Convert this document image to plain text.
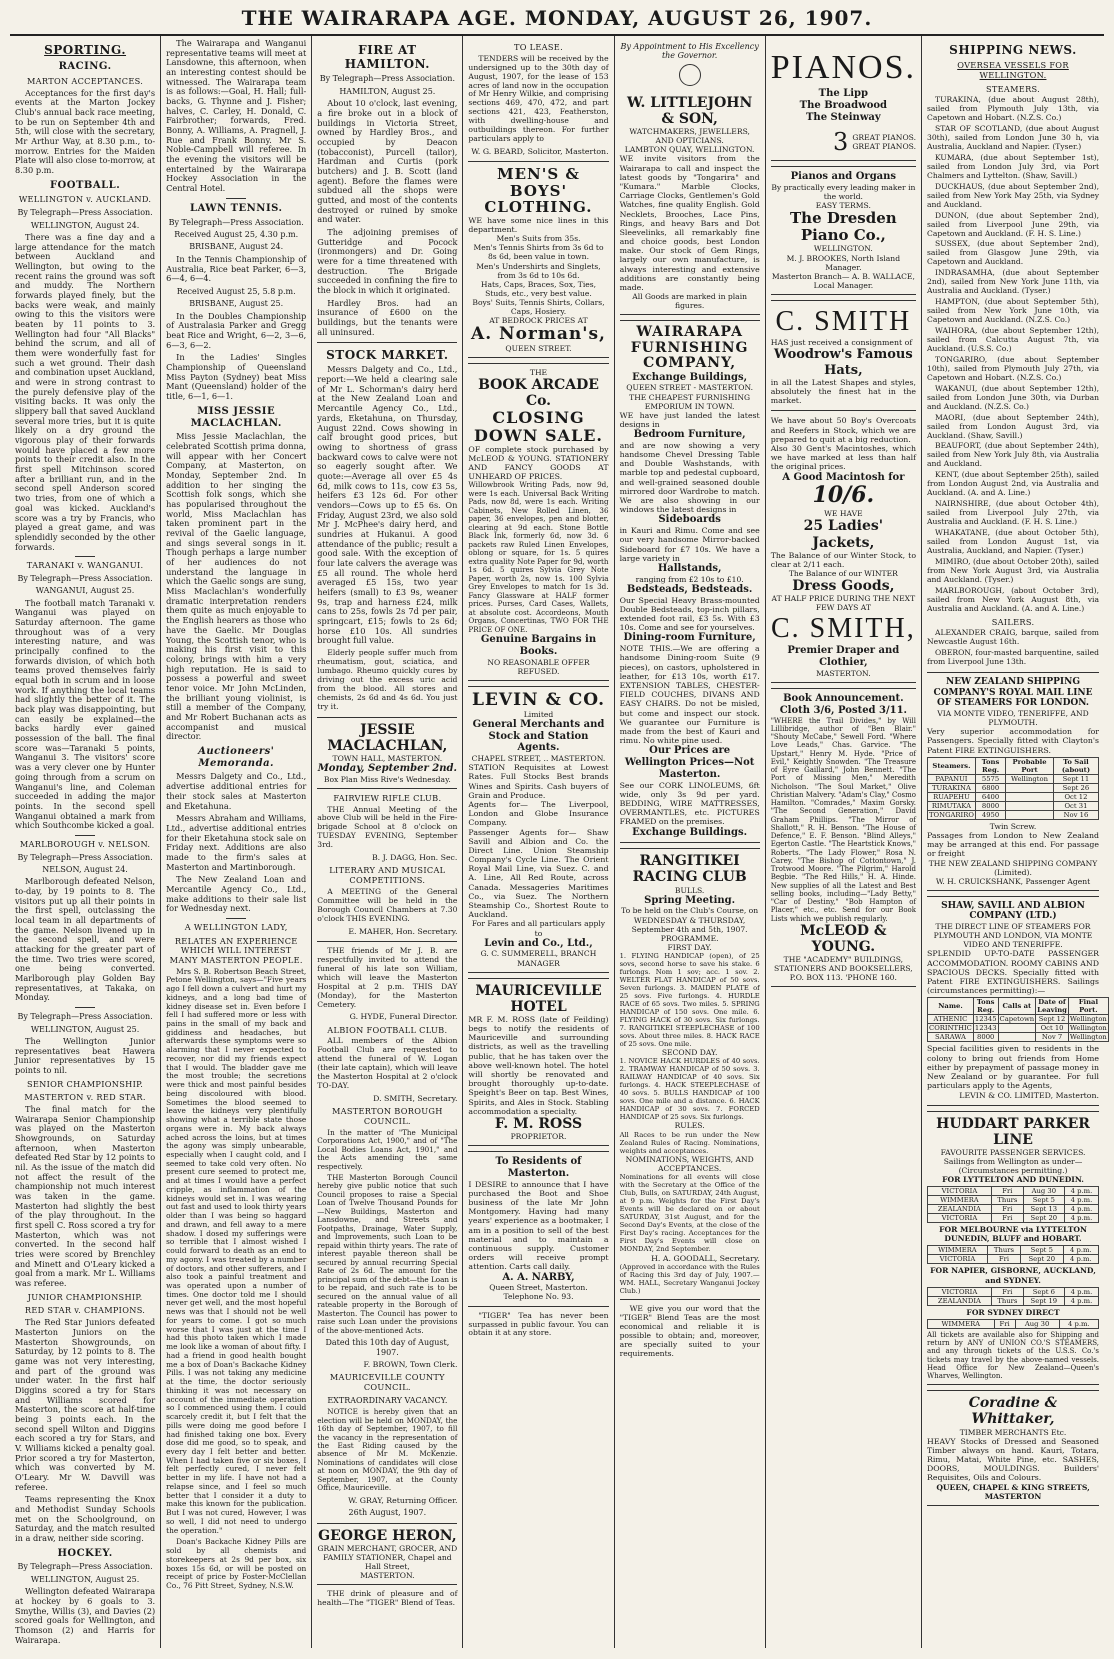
THE WAIRARAPA AGE. MONDAY, AUGUST 26, 1907.
SPORTING.
RACING.
MARTON ACCEPTANCES.

Acceptances for the first day's events at the Marton Jockey Club's annual back race meeting, to be run on September 4th and 5th, will close with the secretary, Mr Arthur Way, at 8.30 p.m., to-morrow. Entries for the Maiden Plate will also close to-morrow, at 8.30 p.m.

FOOTBALL.
WELLINGTON v. AUCKLAND.
By Telegraph—Press Association.
WELLINGTON, August 24.

There was a fine day and a large attendance for the match between Auckland and Wellington, but owing to the recent rains the ground was soft and muddy. The Northern forwards played finely, but the backs were weak, and mainly owing to this the visitors were beaten by 11 points to 3. Wellington had four "All Blacks" behind the scrum, and all of them were wonderfully fast for such a wet ground. Their dash and combination upset Auckland, and were in strong contrast to the purely defensive play of the visiting backs. It was only the slippery ball that saved Auckland several more tries, but it is quite likely on a dry ground the vigorous play of their forwards would have placed a few more points to their credit also. In the first spell Mitchinson scored after a brilliant run, and in the second spell Anderson scored two tries, from one of which a goal was kicked. Auckland's score was a try by Francis, who played a great game, and was splendidly seconded by the other forwards.

TARANAKI v. WANGANUI.
By Telegraph—Press Association.
WANGANUI, August 25.

The football match Taranaki v. Wanganui was played on Saturday afternoon. The game throughout was of a very interesting nature, and was principally confined to the forwards division, of which both teams proved themselves fairly equal both in scrum and in loose work. If anything the local teams had slightly the better of it. The back play was disappointing, but can easily be explained—the backs hardly ever gained possession of the ball. The final score was—Taranaki 5 points, Wanganui 3. The visitors' score was a very clever one by Hunter going through from a scrum on Wanganui's line, and Coleman succeeded in adding the major points. In the second spell Wanganui obtained a mark from which Southcombe kicked a goal.

MARLBOROUGH v. NELSON.
By Telegraph—Press Association.
NELSON, August 24.

Marlborough defeated Nelson, to-day, by 19 points to 8. The visitors put up all their points in the first spell, outclassing the local team in all departments of the game. Nelson livened up in the second spell, and were attacking for the greater part of the time. Two tries were scored, one being converted. Marlborough play Golden Bay representatives, at Takaka, on Monday.

By Telegraph—Press Association.
WELLINGTON, August 25.

The Wellington Junior representatives beat Hawera Junior representatives by 15 points to nil.

SENIOR CHAMPIONSHIP.
MASTERTON v. RED STAR.

The final match for the Wairarapa Senior Championship was played on the Masterton Showgrounds, on Saturday afternoon, when Masterton defeated Red Star by 12 points to nil. As the issue of the match did not affect the result of the championship not much interest was taken in the game. Masterton had slightly the best of the play throughout. In the first spell C. Ross scored a try for Masterton, which was not converted. In the second half tries were scored by Brenchley and Minett and O'Leary kicked a goal from a mark. Mr L. Williams was referee.

JUNIOR CHAMPIONSHIP.
RED STAR v. CHAMPIONS.

The Red Star Juniors defeated Masterton Juniors on the Masterton Showgrounds, on Saturday, by 12 points to 8. The game was not very interesting, and part of the ground was under water. In the first half Diggins scored a try for Stars and Williams scored for Masterton, the score at half-time being 3 points each. In the second spell Wilton and Diggins each scored a try for Stars, and V. Williams kicked a penalty goal. Prior scored a try for Masterton, which was converted by M. O'Leary. Mr W. Davvill was referee.

Teams representing the Knox and Methodist Sunday Schools met on the Schoolground, on Saturday, and the match resulted in a draw, neither side scoring.

HOCKEY.
By Telegraph—Press Association.
WELLINGTON, August 25.

Wellington defeated Wairarapa at hockey by 6 goals to 3. Smythe, Willis (3), and Davies (2) scored goals for Wellington, and Thomson (2) and Harris for Wairarapa.

The Wairarapa and Wanganui representative teams will meet at Lansdowne, this afternoon, when an interesting contest should be witnessed. The Wairarapa team is as follows:—Goal, H. Hall; full-backs, G. Thynne and J. Fisher; halves, C. Carley, H. Donald, C. Fairbrother; forwards, Fred. Bonny, A. Williams, A. Pragnell, J. Rue and Frank Bonny. Mr S. Noble-Campbell will referee. In the evening the visitors will be entertained by the Wairarapa Hockey Association in the Central Hotel.

LAWN TENNIS.
By Telegraph—Press Association.
Received August 25, 4.30 p.m.
BRISBANE, August 24.

In the Tennis Championship of Australia, Rice beat Parker, 6—3, 6—4, 6—4.

Received August 25, 5.8 p.m.
BRISBANE, August 25.

In the Doubles Championship of Australasia Parker and Gregg beat Rice and Wright, 6—2, 3—6, 6—3, 6—2.

In the Ladies' Singles Championship of Queensland Miss Payton (Sydney) beat Miss Mant (Queensland) holder of the title, 6—1, 6—1.

MISS JESSIE MACLACHLAN.

Miss Jessie Maclachlan, the celebrated Scottish prima donna, will appear with her Concert Company, at Masterton, on Monday, September 2nd. In addition to her singing the Scottish folk songs, which she has popularised throughout the world, Miss Maclachlan has taken prominent part in the revival of the Gaelic language, and sings several songs in it. Though perhaps a large number of her audiences do not understand the language in which the Gaelic songs are sung, Miss Maclachlan's wonderfully dramatic interpretation renders them quite as much enjoyable to the English hearers as those who have the Gaelic. Mr Douglas Young, the Scottish tenor, who is making his first visit to this colony, brings with him a very high reputation. He is said to possess a powerful and sweet tenor voice. Mr John McLinden, the brilliant young violinist, is still a member of the Company, and Mr Robert Buchanan acts as accompanist and musical director.

Auctioneers' Memoranda.

Messrs Dalgety and Co., Ltd., advertise additional entries for their stock sales at Masterton and Eketahuna.

Messrs Abraham and Williams, Ltd., advertise additional entries for their Eketahuna stock sale on Friday next. Additions are also made to the firm's sales at Masterton and Martinborough.

The New Zealand Loan and Mercantile Agency Co., Ltd., make additions to their sale list for Wednesday next.

A WELLINGTON LADY,
RELATES AN EXPERIENCE WHICH WILL INTEREST MANY MASTERTON PEOPLE.

Mrs S. B. Robertson Beach Street, Petone Wellington, says—"Five years ago I fell down a culvert and hurt my kidneys, and a long bad time of kidney disease set in. Even before I fell I had suffered more or less with pains in the small of my back and giddiness and headaches, but afterwards these symptoms were so alarming that I never expected to recover, nor did my friends expect that I would. The bladder gave me the most trouble; the secretions were thick and most painful besides being discoloured with blood. Sometimes the blood seemed to leave the kidneys very plentifully showing what a terrible state those organs were in. My back always ached across the loins, but at times the agony was simply unbearable, especially when I caught cold, and I seemed to take cold very often. No present cure seemed to protect me, and at times I would have a perfect cripple, as inflammation of the kidneys would set in. I was wearing out fast and used to look thirty years older than I was being so haggard and drawn, and fell away to a mere shadow. I dosed my sufferings were so terrible that I almost wished I could forward to death as an end to my agony. I was treated by a number of doctors, and other sufferers, and I also took a painful treatment and was operated upon a number of times. One doctor told me I should never get well, and the most hopeful news was that I should not be well for years to come. I got so much worse that I was just at the time I had this photo taken which I made me look like a woman of about fifty. I had a friend in good health bought me a box of Doan's Backache Kidney Pills. I was not taking any medicine at the time, the doctor seriously thinking it was not necessary on account of the immediate operation so I commenced using them. I could scarcely credit it, but I felt that the pills were doing me good before I had finished taking one box. Every dose did me good, so to speak, and every day I felt better and better. When I had taken five or six boxes, I felt perfectly cured, I never felt better in my life. I have not had a relapse since, and I feel so much better that I consider it a duty to make this known for the publication. But I was not cured, However, I was so well, I did not need to undergo the operation."

Doan's Backache Kidney Pills are sold by all chemists and storekeepers at 2s 9d per box, six boxes 15s 6d, or will be posted on receipt of price by Foster-McClellan Co., 76 Pitt Street, Sydney, N.S.W.

FIRE AT HAMILTON.
By Telegraph—Press Association.
HAMILTON, August 25.

About 10 o'clock, last evening, a fire broke out in a block of buildings in Victoria Street, owned by Hardley Bros., and occupied by Deacon (tobacconist), Purcell (tailor), Hardman and Curtis (pork butchers) and J. B. Scott (land agent). Before the flames were subdued all the shops were gutted, and most of the contents destroyed or ruined by smoke and water.

The adjoining premises of Gutteridge and Pocock (ironmongers) and Dr. Going were for a time threatened with destruction. The Brigade succeeded in confining the fire to the block in which it originated.

Hardley Bros. had an insurance of £600 on the buildings, but the tenants were all uninsured.

STOCK MARKET.

Messrs Dalgety and Co., Ltd., report:—We held a clearing sale of Mr L. Schorman's dairy herd at the New Zealand Loan and Mercantile Agency Co., Ltd., yards, Eketahuna, on Thursday, August 22nd. Cows showing in calf brought good prices, but owing to shortness of grass backward cows to calve were not so eagerly sought after. We quote:—Average all over £5 4s 6d, milk cows to 11s, cow £3 5s, heifers £3 12s 6d. For other vendors—Cows up to £5 6s. On Friday, August 23rd, we also sold Mr J. McPhee's dairy herd, and sundries at Hukanui. A good attendance of the public; result a good sale. With the exception of four late calvers the average was £5 all round. The whole herd averaged £5 15s, two year heifers (small) to £3 9s, weaner 9s, trap and harness £24, milk cans to 25s, fowls 2s 7d per pair, springcart, £15; fowls to 2s 6d; horse £10 10s. All sundries brought full value.

Elderly people suffer much from rheumatism, gout, sciatica, and lumbago. Rheumo quickly cures by driving out the excess uric acid from the blood. All stores and chemists, 2s 6d and 4s 6d. You just try it.

JESSIE MACLACHLAN,
TOWN HALL, MASTERTON.
Monday, September 2nd.
Box Plan Miss Rive's Wednesday.
FAIRVIEW RIFLE CLUB.

THE Annual Meeting of the above Club will be held in the Fire-brigade School at 8 o'clock on TUESDAY EVENING, September 3rd.

B. J. DAGG, Hon. Sec.
LITERARY AND MUSICAL COMPETITIONS.

A MEETING of the General Committee will be held in the Borough Council Chambers at 7.30 o'clock THIS EVENING.

E. MAHER, Hon. Secretary.

THE friends of Mr J. B. are respectfully invited to attend the funeral of his late son William, which will leave the Masterton Hospital at 2 p.m. THIS DAY (Monday), for the Masterton Cemetery.

G. HYDE, Funeral Director.
ALBION FOOTBALL CLUB.

ALL members of the Albion Football Club are requested to attend the funeral of W. Logan (their late captain), which will leave the Masterton Hospital at 2 o'clock TO-DAY.

D. SMITH, Secretary.
MASTERTON BOROUGH COUNCIL.

In the matter of "The Municipal Corporations Act, 1900," and of "The Local Bodies Loans Act, 1901," and the Acts amending the same respectively.

THE Masterton Borough Council hereby give public notice that such Council proposes to raise a Special Loan of Twelve Thousand Pounds for—New Buildings, Masterton and Lansdowne, and Streets and Footpaths, Drainage, Water Supply, and Improvements, such Loan to be repaid within thirty years. The rate of interest payable thereon shall be secured by annual recurring Special Rate of 2s 6d. The amount for the principal sum of the debt—the Loan is to be repaid, and such rate is to be secured on the annual value of all rateable property in the Borough of Masterton. The Council has power to raise such Loan under the provisions of the above-mentioned Acts.

Dated this 10th day of August, 1907.
F. BROWN, Town Clerk.
MAURICEVILLE COUNTY COUNCIL.
EXTRAORDINARY VACANCY.

NOTICE is hereby given that an election will be held on MONDAY, the 16th day of September, 1907, to fill the vacancy in the representation of the East Riding caused by the absence of Mr M. McKenzie. Nominations of candidates will close at noon on MONDAY, the 9th day of September, 1907, at the County Office, Mauriceville.

W. GRAY, Returning Officer.
26th August, 1907.
GEORGE HERON,
GRAIN MERCHANT, GROCER, AND FAMILY STATIONER, Chapel and Hall Street,
MASTERTON.

THE drink of pleasure and of health—The "TIGER" Blend of Teas.

TO LEASE.

TENDERS will be received by the undersigned up to the 30th day of August, 1907, for the lease of 153 acres of land now in the occupation of Mr Henry Wilkie, and comprising sections 469, 470, 472, and part sections 421, 423, Featherston, with dwelling-house and outbuildings thereon. For further particulars apply to

W. G. BEARD, Solicitor, Masterton.
MEN'S & BOYS' CLOTHING.

WE have some nice lines in this department.

Men's Suits from 35s.
Men's Tennis Shirts from 3s 6d to 8s 6d, been value in town.
Men's Undershirts and Singlets, from 3s 6d to 10s 6d.
Hats, Caps, Braces, Sox, Ties, Studs, etc., very best value.
Boys' Suits, Tennis Shirts, Collars, Caps, Hosiery.
AT BEDROCK PRICES AT
A. Norman's,
QUEEN STREET.
THE
BOOK ARCADE Co.
CLOSING DOWN SALE.

OF complete stock purchased by McLEOD & YOUNG. STATIONERY AND FANCY GOODS AT UNHEARD OF PRICES.

Willowbrook Writing Pads, now 9d, were 1s each. Universal Back Writing Pads, now 8d, were 1s each. Writing Cabinets, New Rolled Linen, 36 paper, 36 envelopes, pen and blotter, clearing at 9d each. Stone Bottle Black Ink, formerly 6d, now 3d. 6 packets raw Ruled Linen Envelopes, oblong or square, for 1s. 5 quires extra quality Note Paper for 9d, worth 1s 6d. 5 quires Sylvia Grey Note Paper, worth 2s, now 1s. 100 Sylvia Grey Envelopes to match for 1s 3d. Fancy Glassware at HALF former prices. Purses, Card Cases, Wallets, at absolute cost. Accordeons, Mouth Organs, Concertinas, TWO FOR THE PRICE OF ONE.

Genuine Bargains in Books.
NO REASONABLE OFFER REFUSED.
LEVIN & CO.
Limited
General Merchants and Stock and Station Agents.
CHAPEL STREET, .. MASTERTON.

STATION Requisites at Lowest Rates. Full Stocks Best brands Wines and Spirits. Cash buyers of Grain and Produce.

Agents for— The Liverpool, London and Globe Insurance Company.

Passenger Agents for— Shaw Savill and Albion and Co. the Direct Line. Union Steamship Company's Cycle Line. The Orient Royal Mail Line, via Suez. C. and A. Line, All Red Route, across Canada. Messageries Maritimes Co., via Suez. The Northern Steamship Co., Shortest Route to Auckland.

For Fares and all particulars apply to
Levin and Co., Ltd.,
G. C. SUMMERELL, BRANCH MANAGER
MAURICEVILLE HOTEL

MR F. M. ROSS (late of Feilding) begs to notify the residents of Mauriceville and surrounding districts, as well as the travelling public, that he has taken over the above well-known hotel. The hotel will shortly be renovated and brought thoroughly up-to-date. Speight's Beer on tap. Best Wines, Spirits, and Ales in Stock. Stabling accommodation a specialty.

F. M. ROSS
PROPRIETOR.
To Residents of Masterton.

I DESIRE to announce that I have purchased the Boot and Shoe business of the late Mr John Montgomery. Having had many years' experience as a bootmaker, I am in a position to sell of the best material and to maintain a continuous supply. Customer orders will receive prompt attention. Carts call daily.

A. A. NARBY,
Queen Street, Masterton. Telephone No. 93.

"TIGER" Tea has never been surpassed in public favour. You can obtain it at any store.

By Appointment to His Excellency the Governor.
W. LITTLEJOHN & SON,
WATCHMAKERS, JEWELLERS, AND OPTICIANS.
LAMBTON QUAY, WELLINGTON.

WE invite visitors from the Wairarapa to call and inspect the latest goods by "Tongarira" and "Kumara." Marble Clocks, Carriage Clocks, Gentlemen's Gold Watches, fine quality English. Gold Necklets, Brooches, Lace Pins, Rings, and heavy Bars and Dot Sleevelinks, all remarkably fine and choice goods, best London make. Our stock of Gem Rings, largely our own manufacture, is always interesting and extensive additions are constantly being made.

All Goods are marked in plain figures.
WAIRARAPA FURNISHING COMPANY,
Exchange Buildings,
QUEEN STREET - MASTERTON.
THE CHEAPEST FURNISHING EMPORIUM IN TOWN.

WE have just landed the latest designs in

Bedroom Furniture,

and are now showing a very handsome Chevel Dressing Table and Double Washstands, with marble top and pedestal cupboard, and well-grained seasoned double mirrored door Wardrobe to match. We are also showing in our windows the latest designs in

Sideboards

in Kauri and Rimu. Come and see our very handsome Mirror-backed Sideboard for £7 10s. We have a large variety in

Hallstands,
ranging from £2 10s to £10.
Bedsteads, Bedsteads.

Our Special Heavy Brass-mounted Double Bedsteads, top-inch pillars, extended foot rail, £3 5s. With £3 10s. Come and see for yourselves.

Dining-room Furniture,

NOTE THIS.—We are offering a handsome Dining-room Suite (9 pieces), on castors, upholstered in leather, for £13 10s, worth £17. EXTENSION TABLES, CHESTER-FIELD COUCHES, DIVANS AND EASY CHAIRS. Do not be misled, but come and inspect our stock. We guarantee our Furniture is made from the best of Kauri and rimu. No white pine used.

Our Prices are Wellington Prices—Not Masterton.

See our CORK LINOLEUMS, 6ft wide, only 3s 9d per yard. BEDDING, WIRE MATTRESSES, OVERMANTLES, etc. PICTURES FRAMED on the premises.

Exchange Buildings.
RANGITIKEI RACING CLUB
BULLS.
Spring Meeting.
To be held on the Club's Course, on WEDNESDAY & THURSDAY, September 4th and 5th, 1907.
PROGRAMME.
FIRST DAY.

1. FLYING HANDICAP (open), of 25 sovs, second horse to save his stake. 6 furlongs. Nom 1 sov; acc. 1 sov. 2. WELTER FLAT HANDICAP of 50 sovs. Seven furlongs. 3. MAIDEN PLATE of 25 sovs. Five furlongs. 4. HURDLE RACE of 65 sovs. Two miles. 5. SPRING HANDICAP of 150 sovs. One mile. 6. FLYING HACK of 30 sovs. Six furlongs. 7. RANGITIKEI STEEPLECHASE of 100 sovs. About three miles. 8. HACK RACE of 25 sovs. One mile.

SECOND DAY.

1. NOVICE HACK HURDLES of 40 sovs. 2. TRAMWAY HANDICAP of 50 sovs. 3. RAILWAY HANDICAP of 40 sovs. Six furlongs. 4. HACK STEEPLECHASE of 40 sovs. 5. BULLS HANDICAP of 100 sovs. One mile and a distance. 6. HACK HANDICAP of 30 sovs. 7. FORCED HANDICAP of 25 sovs. Six furlongs.

RULES.

All Races to be run under the New Zealand Rules of Racing. Nominations, weights and acceptances.

NOMINATIONS, WEIGHTS, AND ACCEPTANCES.

Nominations for all events will close with the Secretary at the Office of the Club, Bulls, on SATURDAY, 24th August, at 9 p.m. Weights for the First Day's Events will be declared on or about SATURDAY, 31st August, and for the Second Day's Events, at the close of the First Day's racing. Acceptances for the First Day's Events will close on MONDAY, 2nd September.

H. A. GOODALL, Secretary.

(Approved in accordance with the Rules of Racing this 3rd day of July, 1907.—WM. HALL, Secretary Wanganui Jockey Club.)

WE give you our word that the "TIGER" Blend Teas are the most economical and reliable it is possible to obtain; and, moreover, are specially suited to your requirements.

PIANOS.
The Lipp
The Broadwood
The Steinway
3 GREAT PIANOS.
GREAT PIANOS.
Pianos and Organs
By practically every leading maker in the world.
EASY TERMS.
The Dresden Piano Co.,
WELLINGTON.
M. J. BROOKES, North Island Manager.
Masterton Branch— A. B. WALLACE, Local Manager.
C. SMITH

HAS just received a consignment of

Woodrow's Famous Hats,

in all the Latest Shapes and styles, absolutely the finest hat in the market.

We have about 50 Boy's Overcoats and Reefers in Stock, which we are prepared to quit at a big reduction.

Also 30 Gent's Macintoshes, which we have marked at less than half the original prices.

A Good Macintosh for
10/6.
WE HAVE
25 Ladies' Jackets,

The Balance of our Winter Stock, to clear at 2/11 each.

The Balance of our WINTER
Dress Goods,
AT HALF PRICE DURING THE NEXT FEW DAYS AT
C. SMITH,
Premier Draper and Clothier,
MASTERTON.
Book Announcement.
Cloth 3/6, Posted 3/11.

"WHERE the Trail Divides," by Will Lillibridge, author of "Ben Blair." "Shouty McCabe," Sewell Ford. "Where Love Leads," Chas. Garvice. "The Upstart," Henry M. Hyde. "Price of Evil," Keightly Snowden. "The Treasure of Eyre Gaillard," John Bennett. "The Port of Missing Men," Meredith Nicholson. "The Soul Market," Olive Christian Malvery. "Adam's Clay," Cosmo Hamilton. "Comrades," Maxim Gorsky. "The Second Generation," David Graham Phillips. "The Mirror of Shallott," R. H. Benson. "The House of Defence," E. F. Benson. "Blind Alleys," Egerton Castle. "The Heartstick Knows," Roberts. "The Lady Flower," Rosa N. Carey. "The Bishop of Cottontown," J. Trotwood Moore. "The Pilgrim," Harold Begbie. "The Red Hills," H. A. Hinde. New supplies of all the Latest and Best selling books, including—"Lady Betty," "Car of Destiny," "Bob Hampton of Placer," etc., etc. Send for our Book Lists which we publish regularly.

McLEOD & YOUNG.
THE "ACADEMY" BUILDINGS,
STATIONERS AND BOOKSELLERS,
P.O. BOX 113. 'PHONE 160.
SHIPPING NEWS.
OVERSEA VESSELS FOR WELLINGTON.
STEAMERS.

TURAKINA, (due about August 28th), sailed from Plymouth July 13th, via Capetown and Hobart. (N.Z.S. Co.)

STAR OF SCOTLAND, (due about August 30th), sailed from London June 30 h, via Australia, Auckland and Napier. (Tyser.)

KUMARA, (due about September 1st), sailed from London July 3rd, via Port Chalmers and Lyttelton. (Shaw, Savill.)

DUCKHAUS, (due about September 2nd), sailed from New York May 25th, via Sydney and Auckland.

DUNON, (due about September 2nd), sailed from Liverpool June 29th, via Capetown and Auckland. (F. H. S. Line.)

SUSSEX, (due about September 2nd), sailed from Glasgow June 29th, via Capetown and Auckland.

INDRASAMHA, (due about September 2nd), sailed from New York June 11th, via Australia and Auckland. (Tyser.)

HAMPTON, (due about September 5th), sailed from New York June 10th, via Capetown and Auckland. (N.Z.S. Co.)

WAIHORA, (due about September 12th), sailed from Calcutta August 7th, via Auckland. (U.S.S. Co.)

TONGARIRO, (due about September 10th), sailed from Plymouth July 27th, via Capetown and Hobart. (N.Z.S. Co.)

WAKANUI, (due about September 12th), sailed from London June 30th, via Durban and Auckland. (N.Z.S. Co.)

MAORI, (due about September 24th), sailed from London August 3rd, via Auckland. (Shaw, Savill.)

BEAUFORT, (due about September 24th), sailed from New York July 8th, via Australia and Auckland.

KENT, (due about September 25th), sailed from London August 2nd, via Australia and Auckland. (A. and A. Line.)

NAIRNSHIRE, (due about October 4th), sailed from Liverpool July 27th, via Australia and Auckland. (F. H. S. Line.)

WHAKATANE, (due about October 5th), sailed from London August 1st, via Australia, Auckland, and Napier. (Tyser.)

MIMIRO, (due about October 20th), sailed from New York August 3rd, via Australia and Auckland. (Tyser.)

MARLBOROUGH, (about October 3rd), sailed from New York August 8th, via Australia and Auckland. (A. and A. Line.)

SAILERS.

ALEXANDER CRAIG, barque, sailed from Newcastle August 16th.

OBERON, four-masted barquentine, sailed from Liverpool June 13th.

NEW ZEALAND SHIPPING COMPANY'S ROYAL MAIL LINE OF STEAMERS FOR LONDON.
VIA MONTE VIDEO, TENERIFFE, AND PLYMOUTH.

Very superior accommodation for Passengers. Specially fitted with Clayton's Patent FIRE EXTINGUISHERS.

Steamers.	Tons Reg.	Probable Port	To Sail (about)
PAPANUI	5575	Wellington	Sept 11
TURAKINA	6800		Sept 26
RUAPEHU	6400		Oct 12
RIMUTAKA	8000		Oct 31
TONGARIRO	4950		Nov 16
Twin Screw.

Passages from London to New Zealand may be arranged at this end. For passage or freight

THE NEW ZEALAND SHIPPING COMPANY (Limited).
W. H. CRUICKSHANK, Passenger Agent
SHAW, SAVILL AND ALBION COMPANY (LTD.)
THE DIRECT LINE OF STEAMERS FOR PLYMOUTH AND LONDON, VIA MONTE VIDEO AND TENERIFFE.

SPLENDID UP-TO-DATE PASSENGER ACCOMMODATION. ROOMY CABINS AND SPACIOUS DECKS. Specially fitted with Patent FIRE EXTINGUISHERS. Sailings (circumstances permitting):—

Name.	Tons Reg.	Calls at	Date of Leaving	Final Port.
ATHENIC	12345	Capetown	Sept 12	Wellington
CORINTHIC	12343		Oct 10	Wellington
SARAWA	8000		Nov 7	Wellington

Special facilities given to residents in the colony to bring out friends from Home either by prepayment of passage money in New Zealand or by guarantee. For full particulars apply to the Agents,

LEVIN & CO. LIMITED, Masterton.
HUDDART PARKER LINE
FAVOURITE PASSENGER SERVICES.
Sailings from Wellington as under— (Circumstances permitting.)
FOR LYTTELTON AND DUNEDIN.
VICTORIA	Fri	Aug 30	4 p.m.
WIMMERA	Thurs	Sept 5	4 p.m.
ZEALANDIA	Fri	Sept 13	4 p.m.
VICTORIA	Fri	Sept 20	4 p.m.
FOR MELBOURNE via LYTTELTON DUNEDIN, BLUFF and HOBART.
WIMMERA	Thurs	Sept 5	4 p.m.
VICTORIA	Fri	Sept 20	4 p.m.
FOR NAPIER, GISBORNE, AUCKLAND, and SYDNEY.
VICTORIA	Fri	Sept 6	4 p.m.
ZEALANDIA	Thurs	Sept 19	4 p.m.
FOR SYDNEY DIRECT
WIMMERA	Fri	Aug 30	4 p.m.

All tickets are available also for Shipping and return by ANY of UNION CO.'S STEAMERS, and any through tickets of the U.S.S. Co.'s tickets may travel by the above-named vessels. Head Office for New Zealand—Queen's Wharves, Wellington.

Coradine & Whittaker,
TIMBER MERCHANTS Etc.

HEAVY Stocks of Dressed and Seasoned Timber always on hand. Kauri, Totara, Rimu, Matai, White Pine, etc. SASHES, DOORS, MOULDINGS. Builders' Requisites, Oils and Colours.

QUEEN, CHAPEL & KING STREETS, MASTERTON
